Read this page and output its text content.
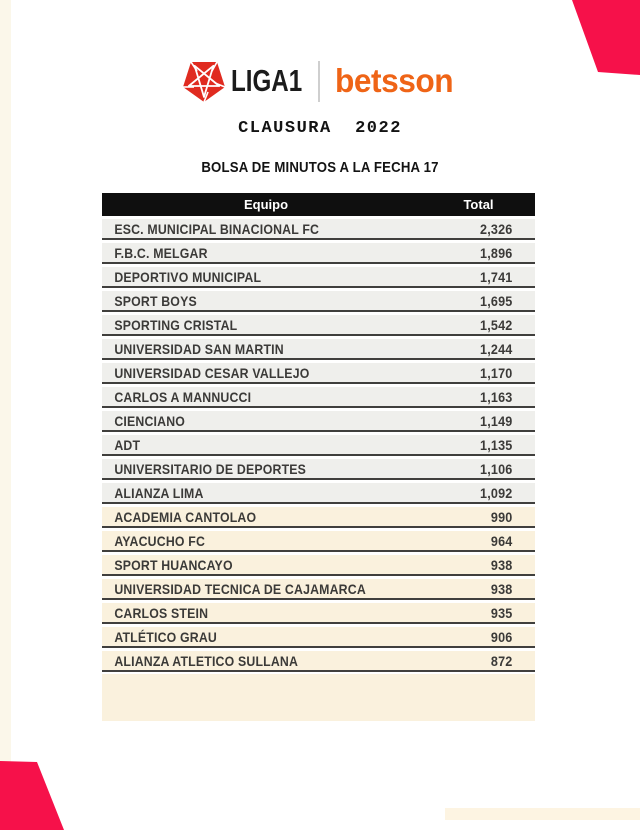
LIGA1 betsson
CLAUSURA  2022
BOLSA DE MINUTOS A LA FECHA 17
Equipo	Total
ESC. MUNICIPAL BINACIONAL FC	2,326
F.B.C. MELGAR	1,896
DEPORTIVO MUNICIPAL	1,741
SPORT BOYS	1,695
SPORTING CRISTAL	1,542
UNIVERSIDAD SAN MARTIN	1,244
UNIVERSIDAD CESAR VALLEJO	1,170
CARLOS A MANNUCCI	1,163
CIENCIANO	1,149
ADT	1,135
UNIVERSITARIO DE DEPORTES	1,106
ALIANZA LIMA	1,092
ACADEMIA CANTOLAO	990
AYACUCHO FC	964
SPORT HUANCAYO	938
UNIVERSIDAD TECNICA DE CAJAMARCA	938
CARLOS STEIN	935
ATLÉTICO GRAU	906
ALIANZA ATLETICO SULLANA	872
